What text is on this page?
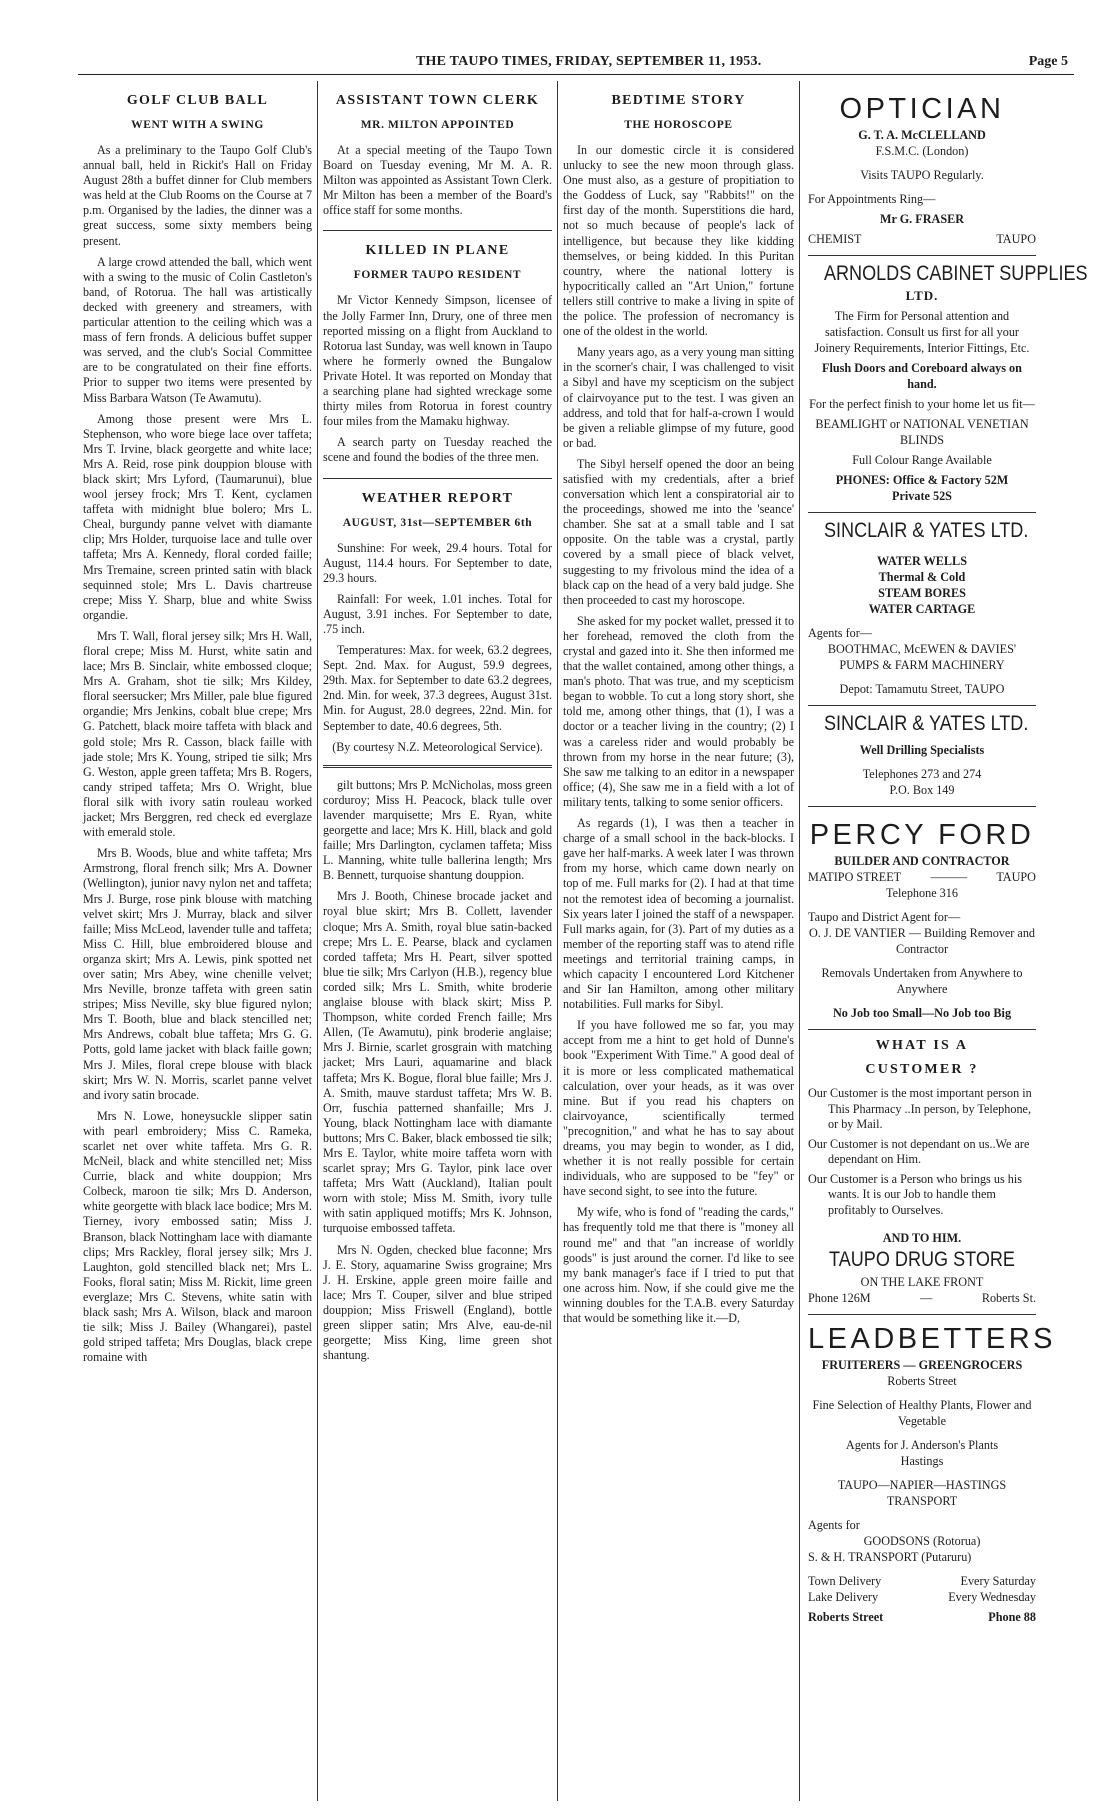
THE TAUPO TIMES, FRIDAY, SEPTEMBER 11, 1953.	Page 5
GOLF CLUB BALL
WENT WITH A SWING

As a preliminary to the Taupo Golf Club's annual ball, held in Rickit's Hall on Friday August 28th a buffet dinner for Club members was held at the Club Rooms on the Course at 7 p.m. Organised by the ladies, the dinner was a great success, some sixty members being present.

A large crowd attended the ball, which went with a swing to the music of Colin Castleton's band, of Rotorua. The hall was artistically decked with greenery and streamers, with particular attention to the ceiling which was a mass of fern fronds. A delicious buffet supper was served, and the club's Social Committee are to be congratulated on their fine efforts. Prior to supper two items were presented by Miss Barbara Watson (Te Awamutu).

Among those present were Mrs L. Stephenson, who wore biege lace over taffeta; Mrs T. Irvine, black georgette and white lace; Mrs A. Reid, rose pink douppion blouse with black skirt; Mrs Lyford, (Taumarunui), blue wool jersey frock; Mrs T. Kent, cyclamen taffeta with midnight blue bolero; Mrs L. Cheal, burgundy panne velvet with diamante clip; Mrs Holder, turquoise lace and tulle over taffeta; Mrs A. Kennedy, floral corded faille; Mrs Tremaine, screen printed satin with black sequinned stole; Mrs L. Davis chartreuse crepe; Miss Y. Sharp, blue and white Swiss organdie.

Mrs T. Wall, floral jersey silk; Mrs H. Wall, floral crepe; Miss M. Hurst, white satin and lace; Mrs B. Sinclair, white embossed cloque; Mrs A. Graham, shot tie silk; Mrs Kildey, floral seersucker; Mrs Miller, pale blue figured organdie; Mrs Jenkins, cobalt blue crepe; Mrs G. Patchett, black moire taffeta with black and gold stole; Mrs R. Casson, black faille with jade stole; Mrs K. Young, striped tie silk; Mrs G. Weston, apple green taffeta; Mrs B. Rogers, candy striped taffeta; Mrs O. Wright, blue floral silk with ivory satin rouleau worked jacket; Mrs Berggren, red check ed everglaze with emerald stole.

Mrs B. Woods, blue and white taffeta; Mrs Armstrong, floral french silk; Mrs A. Downer (Wellington), junior navy nylon net and taffeta; Mrs J. Burge, rose pink blouse with matching velvet skirt; Mrs J. Murray, black and silver faille; Miss McLeod, lavender tulle and taffeta; Miss C. Hill, blue embroidered blouse and organza skirt; Mrs A. Lewis, pink spotted net over satin; Mrs Abey, wine chenille velvet; Mrs Neville, bronze taffeta with green satin stripes; Miss Neville, sky blue figured nylon; Mrs T. Booth, blue and black stencilled net; Mrs Andrews, cobalt blue taffeta; Mrs G. G. Potts, gold lame jacket with black faille gown; Mrs J. Miles, floral crepe blouse with black skirt; Mrs W. N. Morris, scarlet panne velvet and ivory satin brocade.

Mrs N. Lowe, honeysuckle slipper satin with pearl embroidery; Miss C. Rameka, scarlet net over white taffeta. Mrs G. R. McNeil, black and white stencilled net; Miss Currie, black and white douppion; Mrs Colbeck, maroon tie silk; Mrs D. Anderson, white georgette with black lace bodice; Mrs M. Tierney, ivory embossed satin; Miss J. Branson, black Nottingham lace with diamante clips; Mrs Rackley, floral jersey silk; Mrs J. Laughton, gold stencilled black net; Mrs L. Fooks, floral satin; Miss M. Rickit, lime green everglaze; Mrs C. Stevens, white satin with black sash; Mrs A. Wilson, black and maroon tie silk; Miss J. Bailey (Whangarei), pastel gold striped taffeta; Mrs Douglas, black crepe romaine with

ASSISTANT TOWN CLERK
MR. MILTON APPOINTED

At a special meeting of the Taupo Town Board on Tuesday evening, Mr M. A. R. Milton was appointed as Assistant Town Clerk. Mr Milton has been a member of the Board's office staff for some months.

KILLED IN PLANE
FORMER TAUPO RESIDENT

Mr Victor Kennedy Simpson, licensee of the Jolly Farmer Inn, Drury, one of three men reported missing on a flight from Auckland to Rotorua last Sunday, was well known in Taupo where he formerly owned the Bungalow Private Hotel. It was reported on Monday that a searching plane had sighted wreckage some thirty miles from Rotorua in forest country four miles from the Mamaku highway.

A search party on Tuesday reached the scene and found the bodies of the three men.

WEATHER REPORT
AUGUST, 31st—SEPTEMBER 6th

Sunshine: For week, 29.4 hours. Total for August, 114.4 hours. For September to date, 29.3 hours.

Rainfall: For week, 1.01 inches. Total for August, 3.91 inches. For September to date, .75 inch.

Temperatures: Max. for week, 63.2 degrees, Sept. 2nd. Max. for August, 59.9 degrees, 29th. Max. for September to date 63.2 degrees, 2nd. Min. for week, 37.3 degrees, August 31st. Min. for August, 28.0 degrees, 22nd. Min. for September to date, 40.6 degrees, 5th.

(By courtesy N.Z. Meteorological Service).

gilt buttons; Mrs P. McNicholas, moss green corduroy; Miss H. Peacock, black tulle over lavender marquisette; Mrs E. Ryan, white georgette and lace; Mrs K. Hill, black and gold faille; Mrs Darlington, cyclamen taffeta; Miss L. Manning, white tulle ballerina length; Mrs B. Bennett, turquoise shantung douppion.

Mrs J. Booth, Chinese brocade jacket and royal blue skirt; Mrs B. Collett, lavender cloque; Mrs A. Smith, royal blue satin-backed crepe; Mrs L. E. Pearse, black and cyclamen corded taffeta; Mrs H. Peart, silver spotted blue tie silk; Mrs Carlyon (H.B.), regency blue corded silk; Mrs L. Smith, white broderie anglaise blouse with black skirt; Miss P. Thompson, white corded French faille; Mrs Allen, (Te Awamutu), pink broderie anglaise; Mrs J. Birnie, scarlet grosgrain with matching jacket; Mrs Lauri, aquamarine and black taffeta; Mrs K. Bogue, floral blue faille; Mrs J. A. Smith, mauve stardust taffeta; Mrs W. B. Orr, fuschia patterned shanfaille; Mrs J. Young, black Nottingham lace with diamante buttons; Mrs C. Baker, black embossed tie silk; Mrs E. Taylor, white moire taffeta worn with scarlet spray; Mrs G. Taylor, pink lace over taffeta; Mrs Watt (Auckland), Italian poult worn with stole; Miss M. Smith, ivory tulle with satin appliqued motiffs; Mrs K. Johnson, turquoise embossed taffeta.

Mrs N. Ogden, checked blue faconne; Mrs J. E. Story, aquamarine Swiss grograine; Mrs J. H. Erskine, apple green moire faille and lace; Mrs T. Couper, silver and blue striped douppion; Miss Friswell (England), bottle green slipper satin; Mrs Alve, eau-de-nil georgette; Miss King, lime green shot shantung.

BEDTIME STORY
THE HOROSCOPE

In our domestic circle it is considered unlucky to see the new moon through glass. One must also, as a gesture of propitiation to the Goddess of Luck, say "Rabbits!" on the first day of the month. Superstitions die hard, not so much because of people's lack of intelligence, but because they like kidding themselves, or being kidded. In this Puritan country, where the national lottery is hypocritically called an "Art Union," fortune tellers still contrive to make a living in spite of the police. The profession of necromancy is one of the oldest in the world.

Many years ago, as a very young man sitting in the scorner's chair, I was challenged to visit a Sibyl and have my scepticism on the subject of clairvoyance put to the test. I was given an address, and told that for half-a-crown I would be given a reliable glimpse of my future, good or bad.

The Sibyl herself opened the door an being satisfied with my credentials, after a brief conversation which lent a conspiratorial air to the proceedings, showed me into the 'seance' chamber. She sat at a small table and I sat opposite. On the table was a crystal, partly covered by a small piece of black velvet, suggesting to my frivolous mind the idea of a black cap on the head of a very bald judge. She then proceeded to cast my horoscope.

She asked for my pocket wallet, pressed it to her forehead, removed the cloth from the crystal and gazed into it. She then informed me that the wallet contained, among other things, a man's photo. That was true, and my scepticism began to wobble. To cut a long story short, she told me, among other things, that (1), I was a doctor or a teacher living in the country; (2) I was a careless rider and would probably be thrown from my horse in the near future; (3), She saw me talking to an editor in a newspaper office; (4), She saw me in a field with a lot of military tents, talking to some senior officers.

As regards (1), I was then a teacher in charge of a small school in the back-blocks. I gave her half-marks. A week later I was thrown from my horse, which came down nearly on top of me. Full marks for (2). I had at that time not the remotest idea of becoming a journalist. Six years later I joined the staff of a newspaper. Full marks again, for (3). Part of my duties as a member of the reporting staff was to atend rifle meetings and territorial training camps, in which capacity I encountered Lord Kitchener and Sir Ian Hamilton, among other military notabilities. Full marks for Sibyl.

If you have followed me so far, you may accept from me a hint to get hold of Dunne's book "Experiment With Time." A good deal of it is more or less complicated mathematical calculation, over your heads, as it was over mine. But if you read his chapters on clairvoyance, scientifically termed "precognition," and what he has to say about dreams, you may begin to wonder, as I did, whether it is not really possible for certain individuals, who are supposed to be "fey" or have second sight, to see into the future.

My wife, who is fond of "reading the cards," has frequently told me that there is "money all round me" and that "an increase of worldly goods" is just around the corner. I'd like to see my bank manager's face if I tried to put that one across him. Now, if she could give me the winning doubles for the T.A.B. every Saturday that would be something like it.—D,

OPTICIAN
G. T. A. McCLELLAND
F.S.M.C. (London)
Visits TAUPO Regularly.
For Appointments Ring—
Mr G. FRASER
CHEMIST	TAUPO
ARNOLDS CABINET SUPPLIES
LTD.
The Firm for Personal attention and satisfaction. Consult us first for all your Joinery Requirements, Interior Fittings, Etc.
Flush Doors and Coreboard always on hand.
For the perfect finish to your home let us fit—
BEAMLIGHT or NATIONAL VENETIAN BLINDS
Full Colour Range Available
PHONES: Office & Factory 52M
Private 52S
SINCLAIR & YATES LTD.
WATER WELLS
Thermal & Cold
STEAM BORES
WATER CARTAGE
Agents for—
BOOTHMAC, McEWEN & DAVIES' PUMPS & FARM MACHINERY
Depot: Tamamutu Street, TAUPO
SINCLAIR & YATES LTD.
Well Drilling Specialists
Telephones 273 and 274
P.O. Box 149
PERCY FORD
BUILDER AND CONTRACTOR
MATIPO STREET ——— TAUPO
Telephone 316
Taupo and District Agent for—
O. J. DE VANTIER — Building Remover and Contractor
Removals Undertaken from Anywhere to Anywhere
No Job too Small—No Job too Big
WHAT IS A
CUSTOMER ?
Our Customer is the most important person in This Pharmacy ..In person, by Telephone, or by Mail.
Our Customer is not dependant on us..We are dependant on Him.
Our Customer is a Person who brings us his wants. It is our Job to handle them profitably to Ourselves.
AND TO HIM.
TAUPO DRUG STORE
ON THE LAKE FRONT
Phone 126M	—	Roberts St.
LEADBETTERS
FRUITERERS — GREENGROCERS
Roberts Street
Fine Selection of Healthy Plants, Flower and Vegetable
Agents for J. Anderson's Plants
Hastings
TAUPO—NAPIER—HASTINGS TRANSPORT
Agents for
GOODSONS (Rotorua)
S. & H. TRANSPORT (Putaruru)
Town Delivery	Every Saturday
Lake Delivery	Every Wednesday
Roberts Street	Phone 88
